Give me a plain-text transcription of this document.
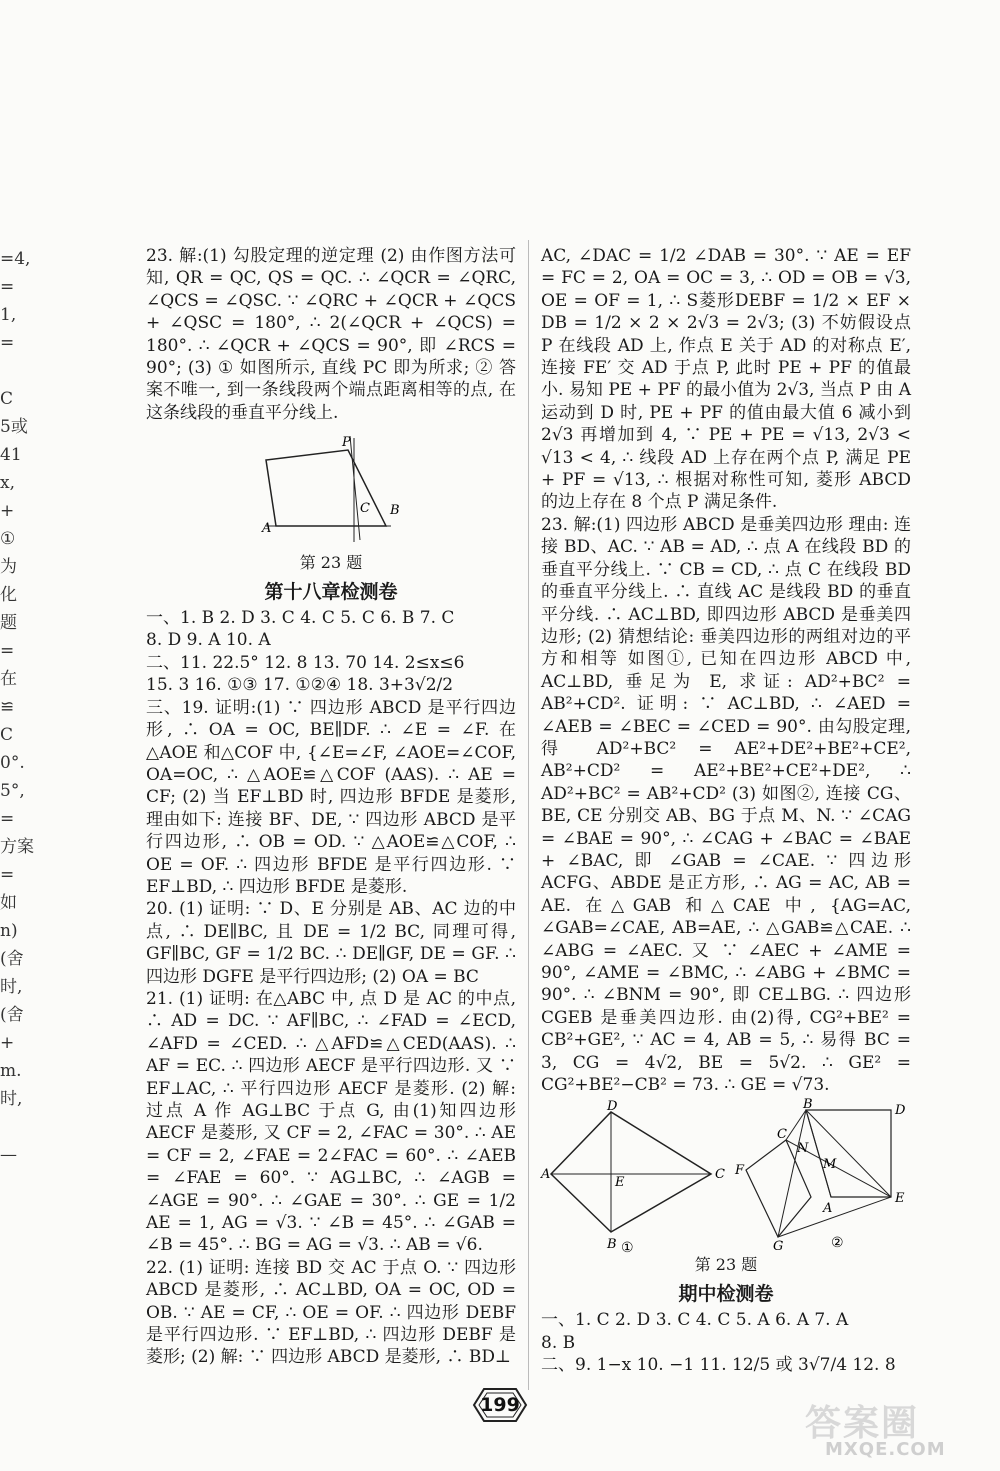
=4,
=
1,
=
C
5或
41
x,
+
①
为
化
题
=
在
≌
C
0°.
5°,
=
方案
=
如
n)
(舍
时,
(舍
+
m.
时,
—

23. 解:(1) 勾股定理的逆定理 (2) 由作图方法可知, QR = QC, QS = QC. ∴ ∠QCR = ∠QRC, ∠QCS = ∠QSC. ∵ ∠QRC + ∠QCR + ∠QCS + ∠QSC = 180°, ∴ 2(∠QCR + ∠QCS) = 180°. ∴ ∠QCR + ∠QCS = 90°, 即 ∠RCS = 90°; (3) ① 如图所示, 直线 PC 即为所求; ② 答案不唯一, 到一条线段两个端点距离相等的点, 在这条线段的垂直平分线上.

A
B
C
P
第 23 题
第十八章检测卷

一、1. B 2. D 3. C 4. C 5. C 6. B 7. C

8. D 9. A 10. A

二、11. 22.5° 12. 8 13. 70 14. 2≤x≤6

15. 3 16. ①③ 17. ①②④ 18. 3+3√2/2

三、19. 证明:(1) ∵ 四边形 ABCD 是平行四边形, ∴ OA = OC, BE∥DF. ∴ ∠E = ∠F. 在△AOE 和△COF 中, {∠E=∠F, ∠AOE=∠COF, OA=OC, ∴ △AOE≌△COF (AAS). ∴ AE = CF; (2) 当 EF⊥BD 时, 四边形 BFDE 是菱形, 理由如下: 连接 BF、DE, ∵ 四边形 ABCD 是平行四边形, ∴ OB = OD. ∵ △AOE≌△COF, ∴ OE = OF. ∴ 四边形 BFDE 是平行四边形. ∵ EF⊥BD, ∴ 四边形 BFDE 是菱形.

20. (1) 证明: ∵ D、E 分别是 AB、AC 边的中点, ∴ DE∥BC, 且 DE = 1/2 BC, 同理可得, GF∥BC, GF = 1/2 BC. ∴ DE∥GF, DE = GF. ∴ 四边形 DGFE 是平行四边形; (2) OA = BC

21. (1) 证明: 在△ABC 中, 点 D 是 AC 的中点, ∴ AD = DC. ∵ AF∥BC, ∴ ∠FAD = ∠ECD, ∠AFD = ∠CED. ∴ △AFD≌△CED(AAS). ∴ AF = EC. ∴ 四边形 AECF 是平行四边形. 又 ∵ EF⊥AC, ∴ 平行四边形 AECF 是菱形. (2) 解: 过点 A 作 AG⊥BC 于点 G, 由(1)知四边形 AECF 是菱形, 又 CF = 2, ∠FAC = 30°. ∴ AE = CF = 2, ∠FAE = 2∠FAC = 60°. ∴ ∠AEB = ∠FAE = 60°. ∵ AG⊥BC, ∴ ∠AGB = ∠AGE = 90°. ∴ ∠GAE = 30°. ∴ GE = 1/2 AE = 1, AG = √3. ∵ ∠B = 45°. ∴ ∠GAB = ∠B = 45°. ∴ BG = AG = √3. ∴ AB = √6.

22. (1) 证明: 连接 BD 交 AC 于点 O. ∵ 四边形 ABCD 是菱形, ∴ AC⊥BD, OA = OC, OD = OB. ∵ AE = CF, ∴ OE = OF. ∴ 四边形 DEBF 是平行四边形. ∵ EF⊥BD, ∴ 四边形 DEBF 是菱形; (2) 解: ∵ 四边形 ABCD 是菱形, ∴ BD⊥

AC, ∠DAC = 1/2 ∠DAB = 30°. ∵ AE = EF = FC = 2, OA = OC = 3, ∴ OD = OB = √3, OE = OF = 1, ∴ S菱形DEBF = 1/2 × EF × DB = 1/2 × 2 × 2√3 = 2√3; (3) 不妨假设点 P 在线段 AD 上, 作点 E 关于 AD 的对称点 E′, 连接 FE′ 交 AD 于点 P, 此时 PE + PF 的值最小. 易知 PE + PF 的最小值为 2√3, 当点 P 由 A 运动到 D 时, PE + PF 的值由最大值 6 减小到 2√3 再增加到 4, ∵ PE + PE = √13, 2√3 < √13 < 4, ∴ 线段 AD 上存在两个点 P, 满足 PE + PF = √13, ∴ 根据对称性可知, 菱形 ABCD 的边上存在 8 个点 P 满足条件.

23. 解:(1) 四边形 ABCD 是垂美四边形 理由: 连接 BD、AC. ∵ AB = AD, ∴ 点 A 在线段 BD 的垂直平分线上. ∵ CB = CD, ∴ 点 C 在线段 BD 的垂直平分线上. ∴ 直线 AC 是线段 BD 的垂直平分线. ∴ AC⊥BD, 即四边形 ABCD 是垂美四边形; (2) 猜想结论: 垂美四边形的两组对边的平方和相等 如图①, 已知在四边形 ABCD 中, AC⊥BD, 垂足为 E, 求证: AD²+BC² = AB²+CD². 证明: ∵ AC⊥BD, ∴ ∠AED = ∠AEB = ∠BEC = ∠CED = 90°. 由勾股定理, 得 AD²+BC² = AE²+DE²+BE²+CE², AB²+CD² = AE²+BE²+CE²+DE², ∴ AD²+BC² = AB²+CD² (3) 如图②, 连接 CG、BE, CE 分别交 AB、BG 于点 M、N. ∵ ∠CAG = ∠BAE = 90°, ∴ ∠CAG + ∠BAC = ∠BAE + ∠BAC, 即 ∠GAB = ∠CAE. ∵ 四边形 ACFG、ABDE 是正方形, ∴ AG = AC, AB = AE. 在△GAB 和△CAE 中, {AG=AC, ∠GAB=∠CAE, AB=AE, ∴ △GAB≌△CAE. ∴ ∠ABG = ∠AEC. 又 ∵ ∠AEC + ∠AME = 90°, ∠AME = ∠BMC, ∴ ∠ABG + ∠BMC = 90°. ∴ ∠BNM = 90°, 即 CE⊥BG. ∴ 四边形 CGEB 是垂美四边形. 由(2)得, CG²+BE² = CB²+GE², ∵ AC = 4, AB = 5, ∴ 易得 BC = 3, CG = 4√2, BE = 5√2. ∴ GE² = CG²+BE²−CB² = 73. ∴ GE = √73.

A
D
C
B
E
①
B	D
C
N
M
F
A
E
G	②
第 23 题
期中检测卷

一、1. C 2. D 3. C 4. C 5. A 6. A 7. A

8. B

二、9. 1−x 10. −1 11. 12/5 或 3√7/4 12. 8

199	答案圈
MXQE.COM
